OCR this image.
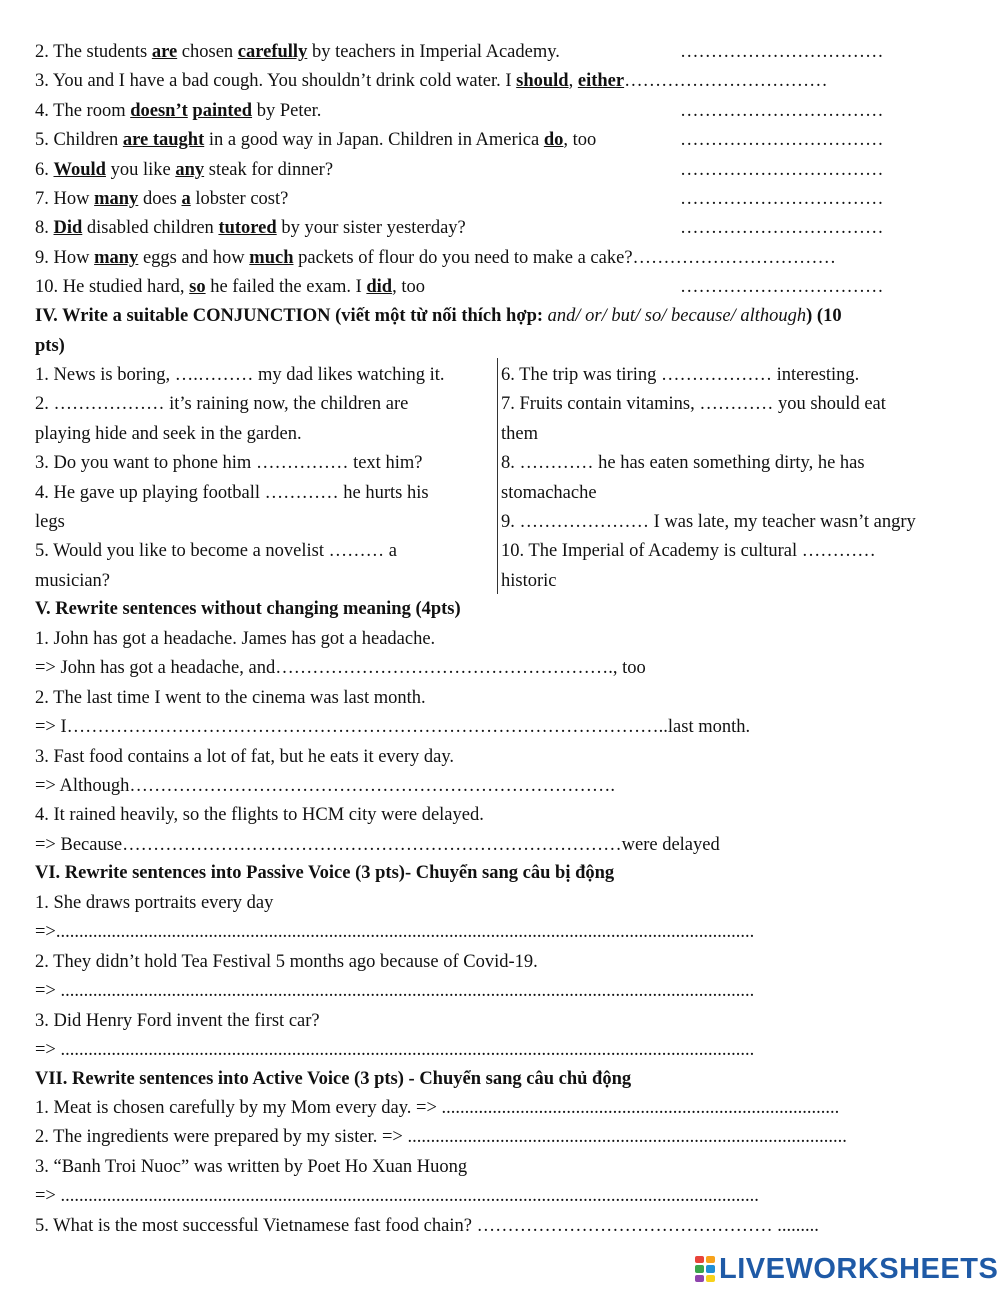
2. The students are chosen carefully by teachers in Imperial Academy.	……………………………
3. You and I have a bad cough. You shouldn’t drink cold water. I should, either……………………………
4. The room doesn’t painted by Peter.	……………………………
5. Children are taught in a good way in Japan. Children in America do, too	……………………………
6. Would you like any steak for dinner?	……………………………
7. How many does a lobster cost?	……………………………
8. Did disabled children tutored by your sister yesterday?	……………………………
9. How many eggs and how much packets of flour do you need to make a cake?……………………………
10. He studied hard, so he failed the exam. I did, too	……………………………
IV. Write a suitable CONJUNCTION (viết một từ nối thích hợp: and/ or/ but/ so/ because/ although) (10
pts)
1. News is boring, ….……… my dad likes watching it.
2. ……………… it’s raining now, the children are
playing hide and seek in the garden.
3. Do you want to phone him …………… text him?
4. He gave up playing football ………… he hurts his
legs
5. Would you like to become a novelist ……… a
musician?
6. The trip was tiring ……………… interesting.
7. Fruits contain vitamins, ………… you should eat
them
8. ………… he has eaten something dirty, he has
stomachache
9. ………………… I was late, my teacher wasn’t angry
10. The Imperial of Academy is cultural …………
historic
V. Rewrite sentences without changing meaning (4pts)
1. John has got a headache. James has got a headache.
=> John has got a headache, and………………………………………………., too
2. The last time I went to the cinema was last month.
=> I……………………………………………………………………………………..last month.
3. Fast food contains a lot of fat, but he eats it every day.
=> Although…………………………………………………………………….
4. It rained heavily, so the flights to HCM city were delayed.
=> Because………………………………………………………………………were delayed
VI. Rewrite sentences into Passive Voice (3 pts)- Chuyển sang câu bị động
1. She draws portraits every day
=>.......................................................................................................................................................
2. They didn’t hold Tea Festival 5 months ago because of Covid-19.
=> ......................................................................................................................................................
3. Did Henry Ford invent the first car?
=> ......................................................................................................................................................
VII. Rewrite sentences into Active Voice (3 pts) - Chuyển sang câu chủ động
1. Meat is chosen carefully by my Mom every day. => ......................................................................................
2. The ingredients were prepared by my sister. => ...............................................................................................
3. “Banh Troi Nuoc” was written by Poet Ho Xuan Huong
=> .......................................................................................................................................................
5. What is the most successful Vietnamese fast food chain? ………………………………………… .........
LIVEWORKSHEETS
